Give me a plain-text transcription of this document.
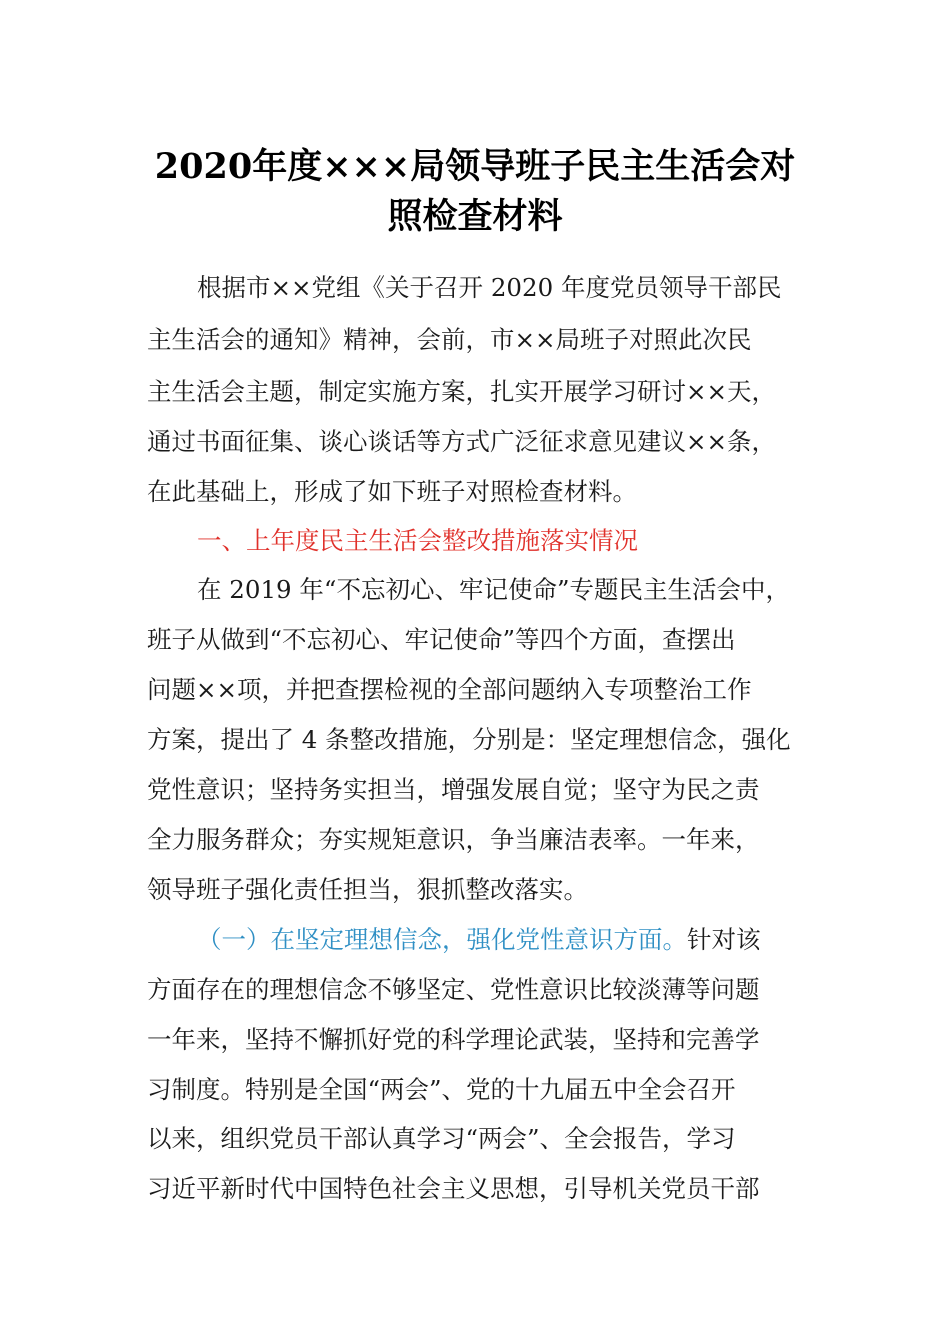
2020年度×××局领导班子民主生活会对
照检查材料
根据市××党组《关于召开 2020 年度党员领导干部民
主生活会的通知》精神，会前，市××局班子对照此次民
主生活会主题，制定实施方案，扎实开展学习研讨××天，
通过书面征集、谈心谈话等方式广泛征求意见建议××条，
在此基础上，形成了如下班子对照检查材料。
一、上年度民主生活会整改措施落实情况
在 2019 年“不忘初心、牢记使命”专题民主生活会中，
班子从做到“不忘初心、牢记使命”等四个方面，查摆出
问题××项，并把查摆检视的全部问题纳入专项整治工作
方案，提出了 4 条整改措施，分别是：坚定理想信念，强化
党性意识；坚持务实担当，增强发展自觉；坚守为民之责
全力服务群众；夯实规矩意识，争当廉洁表率。一年来，
领导班子强化责任担当，狠抓整改落实。
（一）在坚定理想信念，强化党性意识方面。针对该
方面存在的理想信念不够坚定、党性意识比较淡薄等问题
一年来，坚持不懈抓好党的科学理论武装，坚持和完善学
习制度。特别是全国“两会”、党的十九届五中全会召开
以来，组织党员干部认真学习“两会”、全会报告，学习
习近平新时代中国特色社会主义思想，引导机关党员干部
